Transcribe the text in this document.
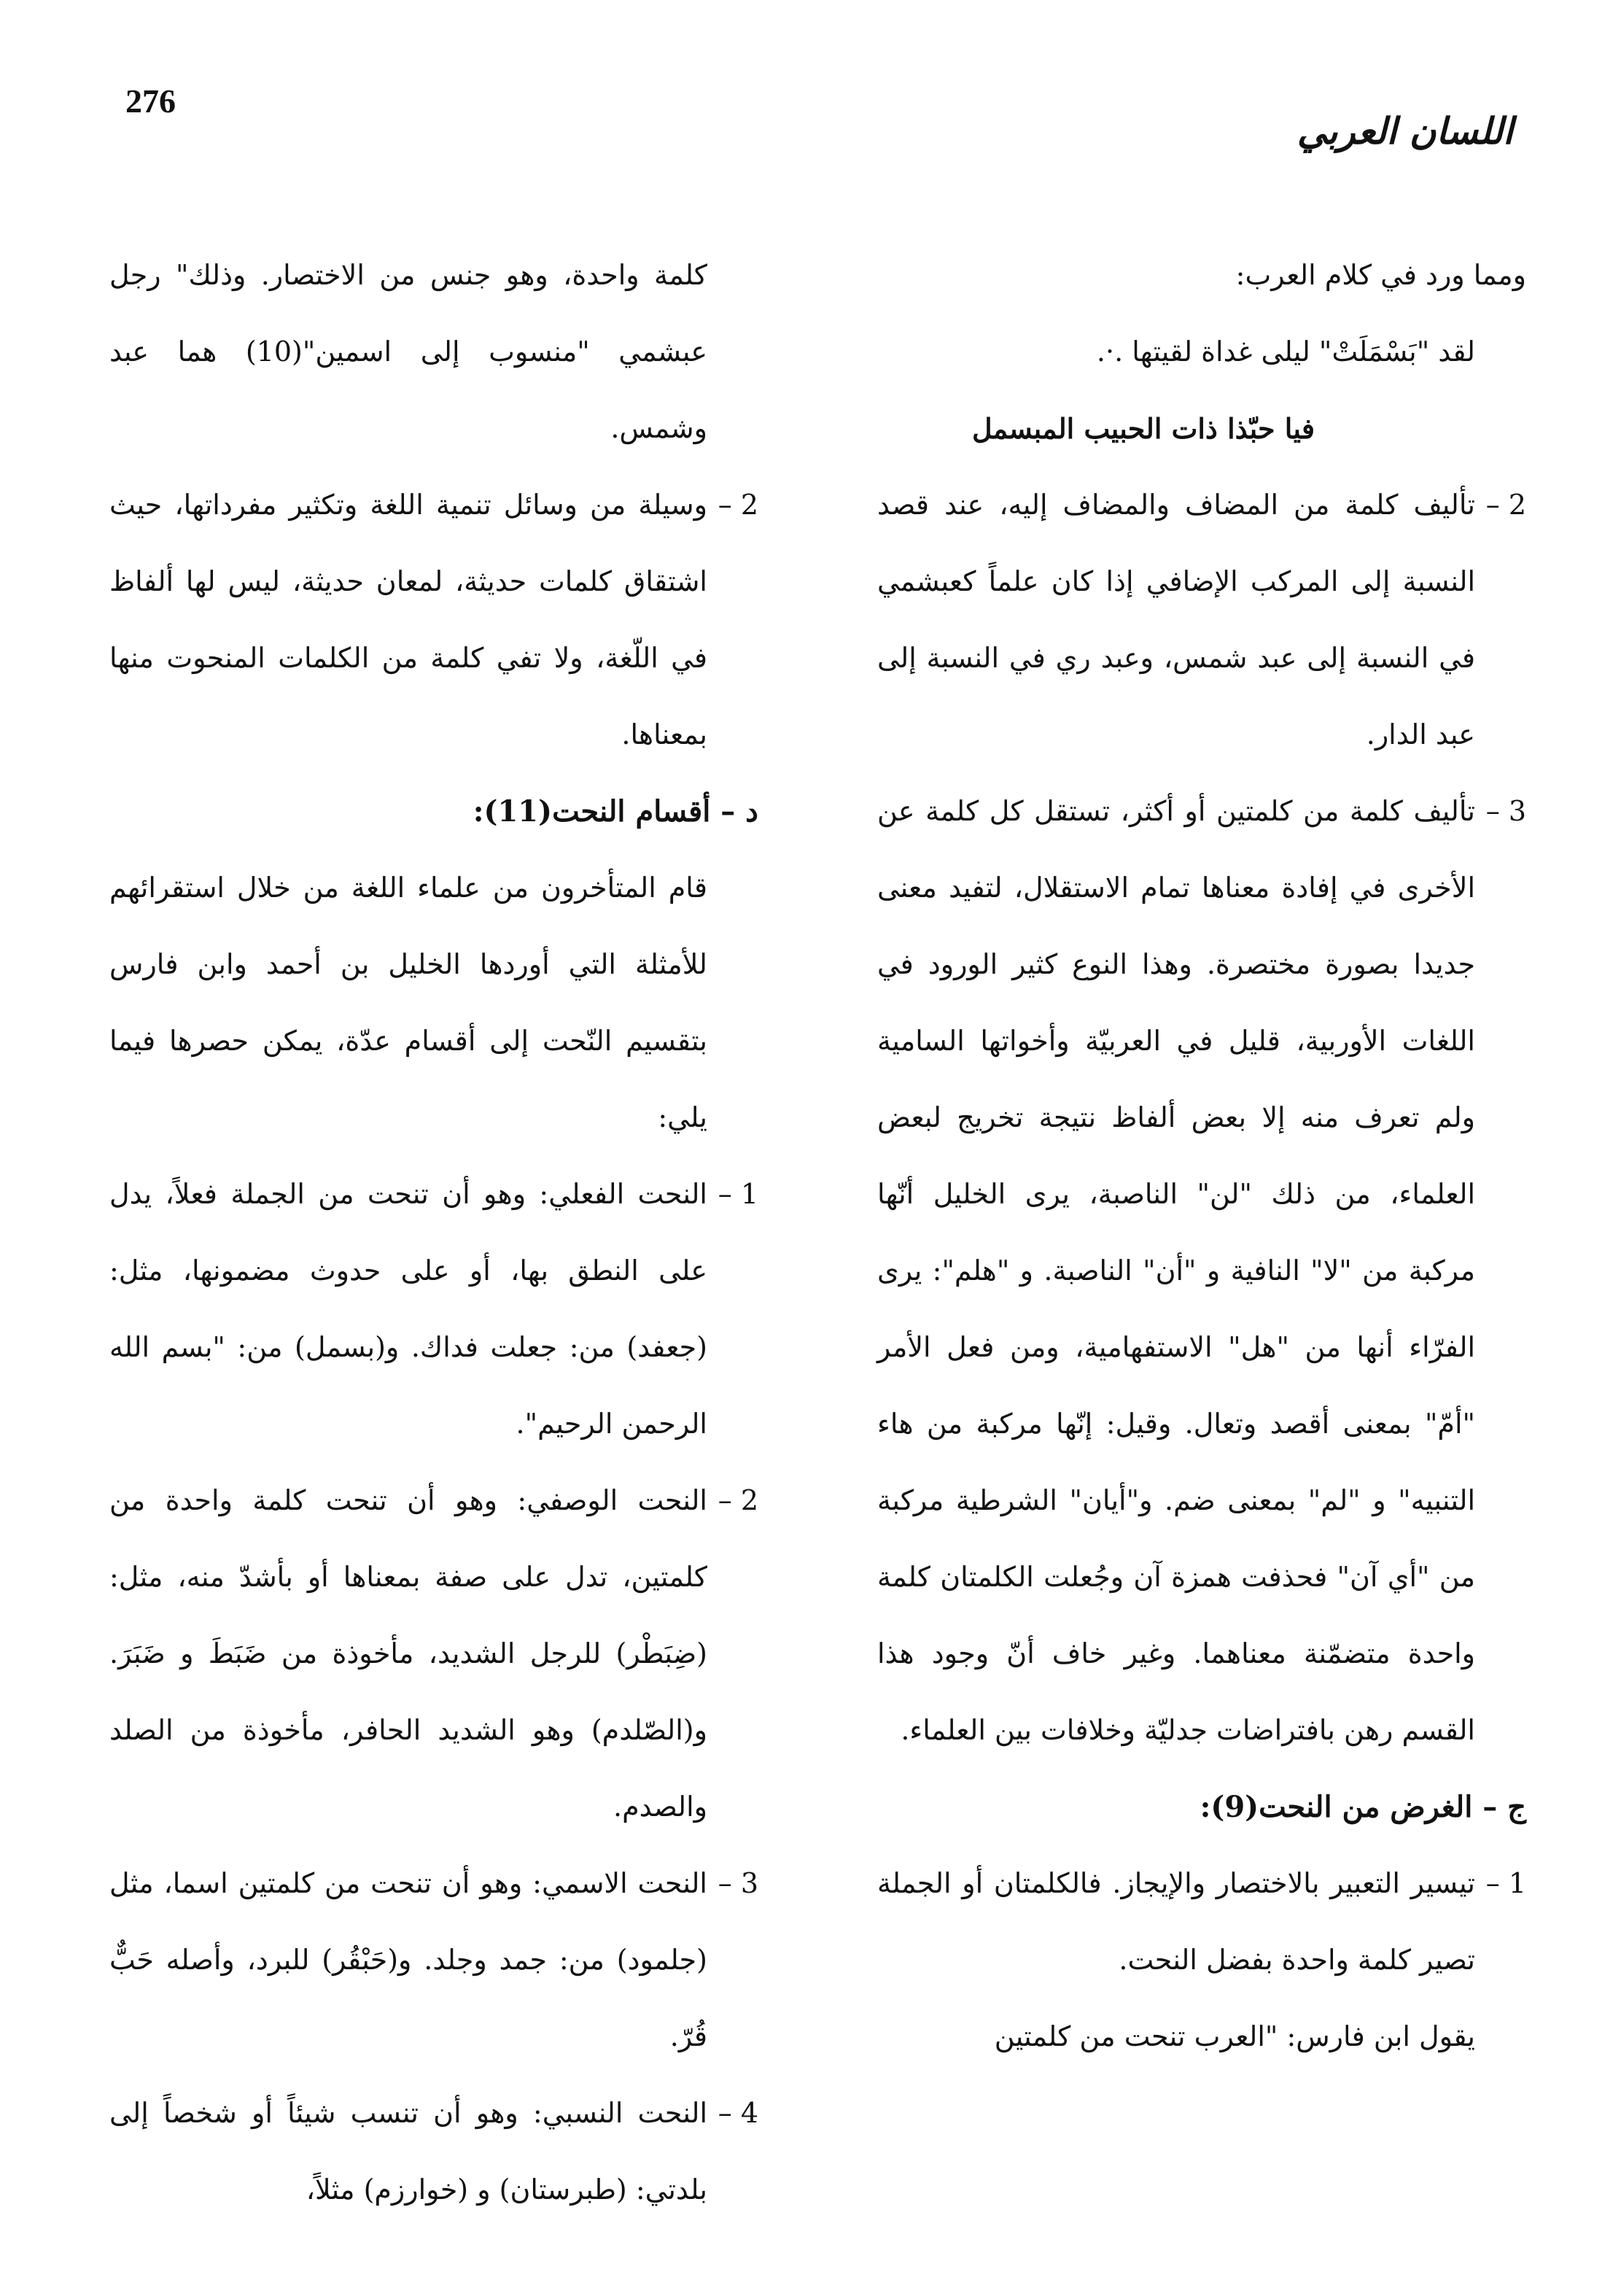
276
اللسان العربي

ومما ورد في كلام العرب:

لقد "بَسْمَلَتْ" ليلى غداة لقيتها .·.

فيا حبّذا ذات الحبيب المبسمل

2 –

تأليف كلمة من المضاف والمضاف إليه، عند قصد النسبة إلى المركب الإضافي إذا كان علماً كعبشمي في النسبة إلى عبد شمس، وعبد ري في النسبة إلى عبد الدار.

3 –

تأليف كلمة من كلمتين أو أكثر، تستقل كل كلمة عن الأخرى في إفادة معناها تمام الاستقلال، لتفيد معنى جديدا بصورة مختصرة. وهذا النوع كثير الورود في اللغات الأوربية، قليل في العربيّة وأخواتها السامية ولم تعرف منه إلا بعض ألفاظ نتيجة تخريج لبعض العلماء، من ذلك "لن" الناصبة، يرى الخليل أنّها مركبة من "لا" النافية و "أن" الناصبة. و "هلم": يرى الفرّاء أنها من "هل" الاستفهامية، ومن فعل الأمر "أمّ" بمعنى أقصد وتعال. وقيل: إنّها مركبة من هاء التنبيه" و "لم" بمعنى ضم. و"أيان" الشرطية مركبة من "أي آن" فحذفت همزة آن وجُعلت الكلمتان كلمة واحدة متضمّنة معناهما. وغير خاف أنّ وجود هذا القسم رهن بافتراضات جدليّة وخلافات بين العلماء.

ج – الغرض من النحت(9):

1 –

تيسير التعبير بالاختصار والإيجاز. فالكلمتان أو الجملة تصير كلمة واحدة بفضل النحت.

يقول ابن فارس: "العرب تنحت من كلمتين

كلمة واحدة، وهو جنس من الاختصار. وذلك" رجل عبشمي "منسوب إلى اسمين"(10) هما عبد وشمس.

2 –

وسيلة من وسائل تنمية اللغة وتكثير مفرداتها، حيث اشتقاق كلمات حديثة، لمعان حديثة، ليس لها ألفاظ في اللّغة، ولا تفي كلمة من الكلمات المنحوت منها بمعناها.

د – أقسام النحت(11):

قام المتأخرون من علماء اللغة من خلال استقرائهم للأمثلة التي أوردها الخليل بن أحمد وابن فارس بتقسيم النّحت إلى أقسام عدّة، يمكن حصرها فيما يلي:

1 –

النحت الفعلي: وهو أن تنحت من الجملة فعلاً، يدل على النطق بها، أو على حدوث مضمونها، مثل: (جعفد) من: جعلت فداك. و(بسمل) من: "بسم الله الرحمن الرحيم".

2 –

النحت الوصفي: وهو أن تنحت كلمة واحدة من كلمتين، تدل على صفة بمعناها أو بأشدّ منه، مثل: (ضِبَطْر) للرجل الشديد، مأخوذة من ضَبَطَ و ضَبَرَ. و(الصّلدم) وهو الشديد الحافر، مأخوذة من الصلد والصدم.

3 –

النحت الاسمي: وهو أن تنحت من كلمتين اسما، مثل (جلمود) من: جمد وجلد. و(حَبْقُر) للبرد، وأصله حَبٌّ قُرّ.

4 –

النحت النسبي: وهو أن تنسب شيئاً أو شخصاً إلى بلدتي: (طبرستان) و (خوارزم) مثلاً،
